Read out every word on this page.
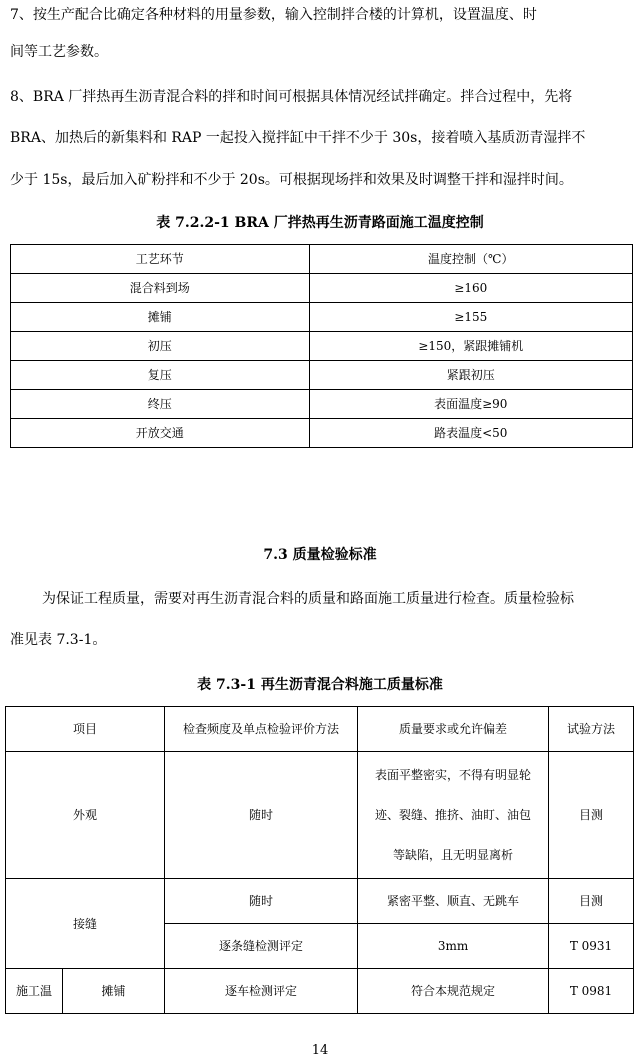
7、按生产配合比确定各种材料的用量参数，输入控制拌合楼的计算机，设置温度、时
间等工艺参数。
8、BRA 厂拌热再生沥青混合料的拌和时间可根据具体情况经试拌确定。拌合过程中，先将
BRA、加热后的新集料和 RAP 一起投入搅拌缸中干拌不少于 30s，接着喷入基质沥青湿拌不
少于 15s，最后加入矿粉拌和不少于 20s。可根据现场拌和效果及时调整干拌和湿拌时间。
表 7.2.2-1 BRA 厂拌热再生沥青路面施工温度控制
工艺环节	温度控制（℃）
混合料到场	≥160
摊铺	≥155
初压	≥150，紧跟摊铺机
复压	紧跟初压
终压	表面温度≥90
开放交通	路表温度<50
7.3 质量检验标准
为保证工程质量，需要对再生沥青混合料的质量和路面施工质量进行检查。质量检验标
准见表 7.3-1。
表 7.3-1 再生沥青混合料施工质量标准
项目		检查频度及单点检验评价方法	质量要求或允许偏差	试验方法
外观		随时	表面平整密实，不得有明显轮
迹、裂缝、推挤、油盯、油包
等缺陷，且无明显离析	目测
接缝		随时	紧密平整、顺直、无跳车	目测
		逐条缝检测评定	3mm	T 0931
施工温	摊铺	逐车检测评定	符合本规范规定	T 0981
14
